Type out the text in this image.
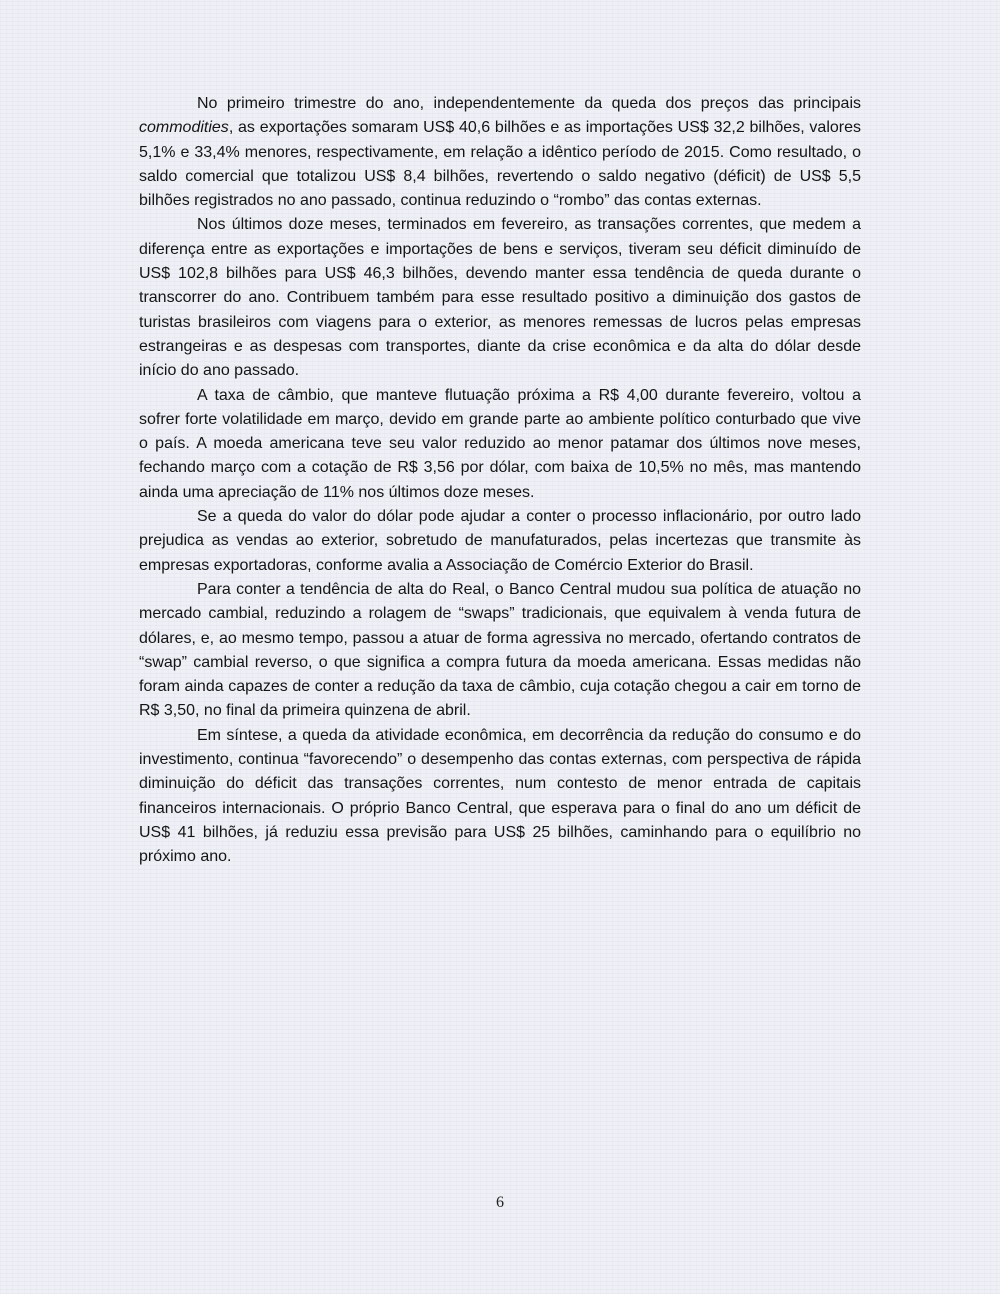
No primeiro trimestre do ano, independentemente da queda dos preços das principais commodities, as exportações somaram US$ 40,6 bilhões e as importações US$ 32,2 bilhões, valores 5,1% e 33,4% menores, respectivamente, em relação a idêntico período de 2015. Como resultado, o saldo comercial que totalizou US$ 8,4 bilhões, revertendo o saldo negativo (déficit) de US$ 5,5 bilhões registrados no ano passado, continua reduzindo o “rombo” das contas externas.

Nos últimos doze meses, terminados em fevereiro, as transações correntes, que medem a diferença entre as exportações e importações de bens e serviços, tiveram seu déficit diminuído de US$ 102,8 bilhões para US$ 46,3 bilhões, devendo manter essa tendência de queda durante o transcorrer do ano. Contribuem também para esse resultado positivo a diminuição dos gastos de turistas brasileiros com viagens para o exterior, as menores remessas de lucros pelas empresas estrangeiras e as despesas com transportes, diante da crise econômica e da alta do dólar desde início do ano passado.

A taxa de câmbio, que manteve flutuação próxima a R$ 4,00 durante fevereiro, voltou a sofrer forte volatilidade em março, devido em grande parte ao ambiente político conturbado que vive o país. A moeda americana teve seu valor reduzido ao menor patamar dos últimos nove meses, fechando março com a cotação de R$ 3,56 por dólar, com baixa de 10,5% no mês, mas mantendo ainda uma apreciação de 11% nos últimos doze meses.

Se a queda do valor do dólar pode ajudar a conter o processo inflacionário, por outro lado prejudica as vendas ao exterior, sobretudo de manufaturados, pelas incertezas que transmite às empresas exportadoras, conforme avalia a Associação de Comércio Exterior do Brasil.

Para conter a tendência de alta do Real, o Banco Central mudou sua política de atuação no mercado cambial, reduzindo a rolagem de “swaps” tradicionais, que equivalem à venda futura de dólares, e, ao mesmo tempo, passou a atuar de forma agressiva no mercado, ofertando contratos de “swap” cambial reverso, o que significa a compra futura da moeda americana. Essas medidas não foram ainda capazes de conter a redução da taxa de câmbio, cuja cotação chegou a cair em torno de R$ 3,50, no final da primeira quinzena de abril.

Em síntese, a queda da atividade econômica, em decorrência da redução do consumo e do investimento, continua “favorecendo” o desempenho das contas externas, com perspectiva de rápida diminuição do déficit das transações correntes, num contesto de menor entrada de capitais financeiros internacionais. O próprio Banco Central, que esperava para o final do ano um déficit de US$ 41 bilhões, já reduziu essa previsão para US$ 25 bilhões, caminhando para o equilíbrio no próximo ano.

6
